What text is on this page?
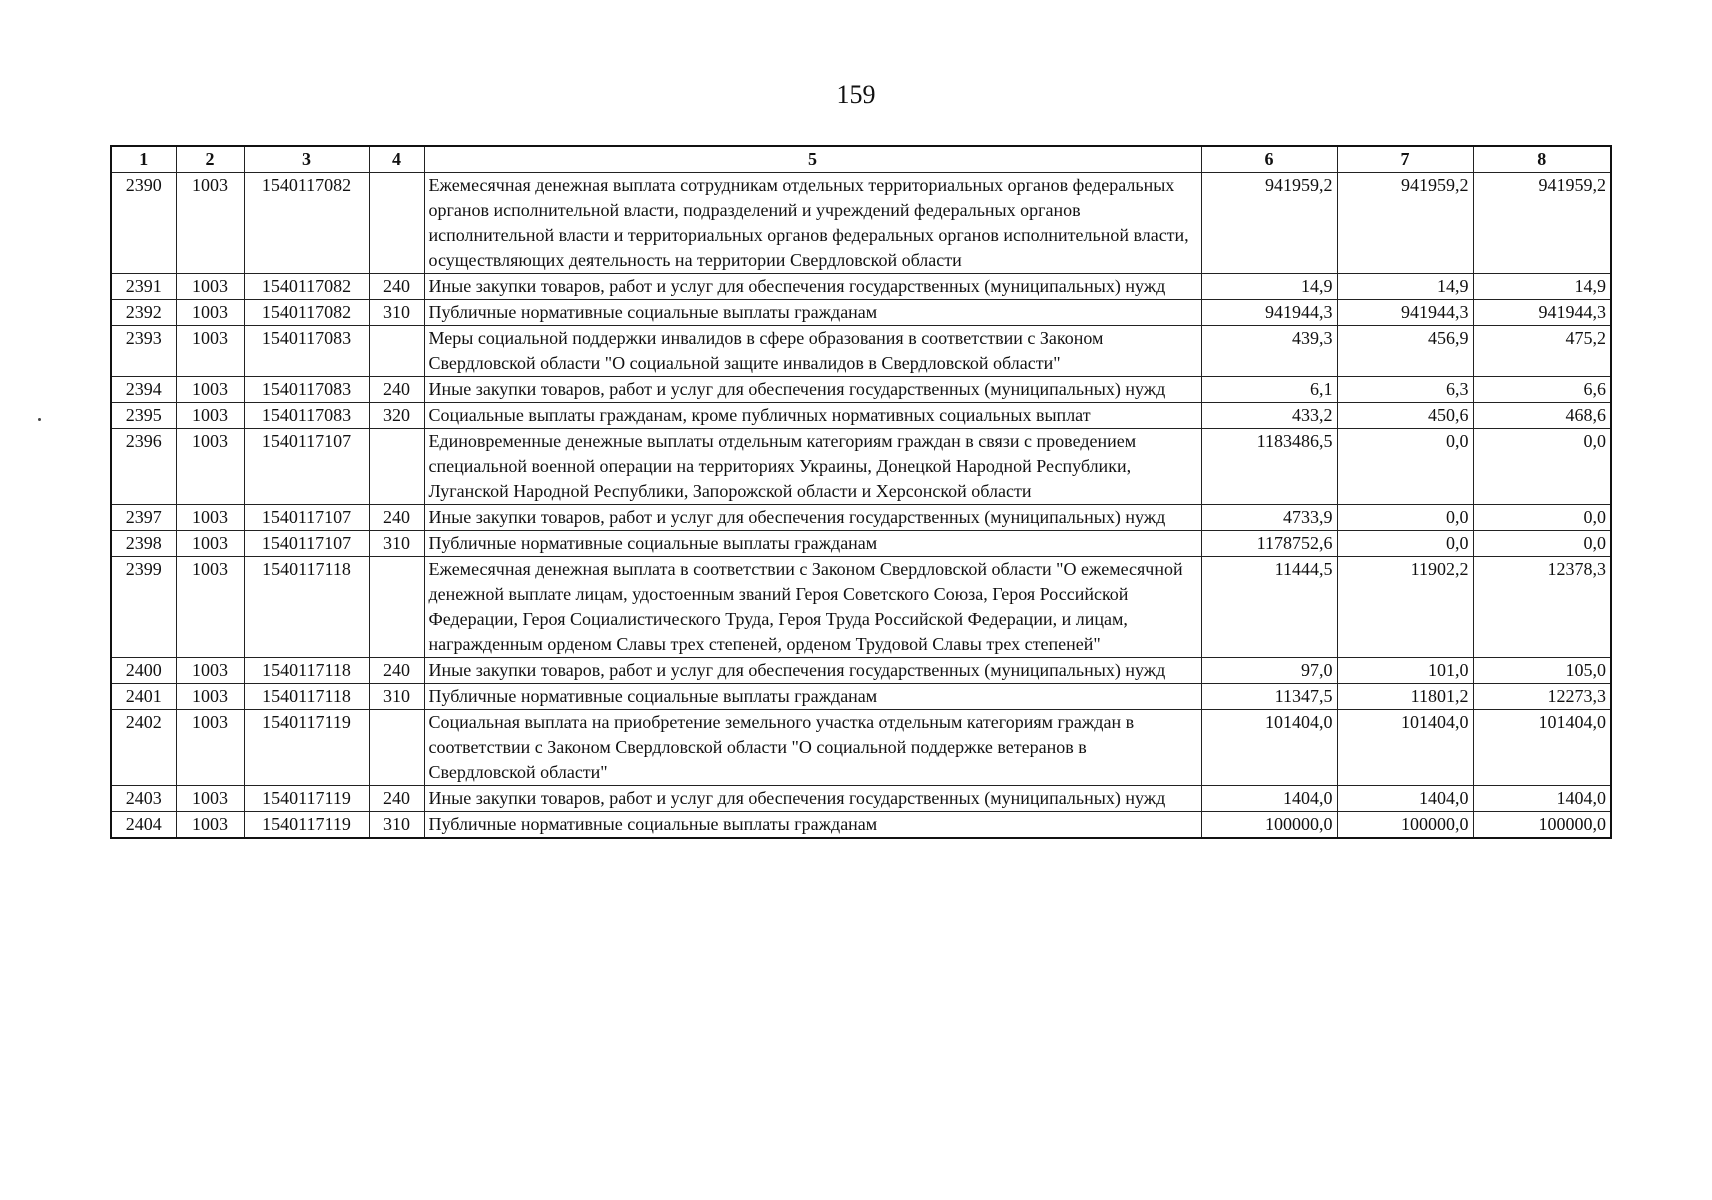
159
1	2	3	4	5	6	7	8
2390	1003	1540117082		Ежемесячная денежная выплата сотрудникам отдельных территориальных органов федеральных органов исполнительной власти, подразделений и учреждений федеральных органов исполнительной власти и территориальных органов федеральных органов исполнительной власти, осуществляющих деятельность на территории Свердловской области	941959,2	941959,2	941959,2
2391	1003	1540117082	240	Иные закупки товаров, работ и услуг для обеспечения государственных (муниципальных) нужд	14,9	14,9	14,9
2392	1003	1540117082	310	Публичные нормативные социальные выплаты гражданам	941944,3	941944,3	941944,3
2393	1003	1540117083		Меры социальной поддержки инвалидов в сфере образования в соответствии с Законом Свердловской области "О социальной защите инвалидов в Свердловской области"	439,3	456,9	475,2
2394	1003	1540117083	240	Иные закупки товаров, работ и услуг для обеспечения государственных (муниципальных) нужд	6,1	6,3	6,6
2395	1003	1540117083	320	Социальные выплаты гражданам, кроме публичных нормативных социальных выплат	433,2	450,6	468,6
2396	1003	1540117107		Единовременные денежные выплаты отдельным категориям граждан в связи с проведением специальной военной операции на территориях Украины, Донецкой Народной Республики, Луганской Народной Республики, Запорожской области и Херсонской области	1183486,5	0,0	0,0
2397	1003	1540117107	240	Иные закупки товаров, работ и услуг для обеспечения государственных (муниципальных) нужд	4733,9	0,0	0,0
2398	1003	1540117107	310	Публичные нормативные социальные выплаты гражданам	1178752,6	0,0	0,0
2399	1003	1540117118		Ежемесячная денежная выплата в соответствии с Законом Свердловской области "О ежемесячной денежной выплате лицам, удостоенным званий Героя Советского Союза, Героя Российской Федерации, Героя Социалистического Труда, Героя Труда Российской Федерации, и лицам, награжденным орденом Славы трех степеней, орденом Трудовой Славы трех степеней"	11444,5	11902,2	12378,3
2400	1003	1540117118	240	Иные закупки товаров, работ и услуг для обеспечения государственных (муниципальных) нужд	97,0	101,0	105,0
2401	1003	1540117118	310	Публичные нормативные социальные выплаты гражданам	11347,5	11801,2	12273,3
2402	1003	1540117119		Социальная выплата на приобретение земельного участка отдельным категориям граждан в соответствии с Законом Свердловской области "О социальной поддержке ветеранов в Свердловской области"	101404,0	101404,0	101404,0
2403	1003	1540117119	240	Иные закупки товаров, работ и услуг для обеспечения государственных (муниципальных) нужд	1404,0	1404,0	1404,0
2404	1003	1540117119	310	Публичные нормативные социальные выплаты гражданам	100000,0	100000,0	100000,0
